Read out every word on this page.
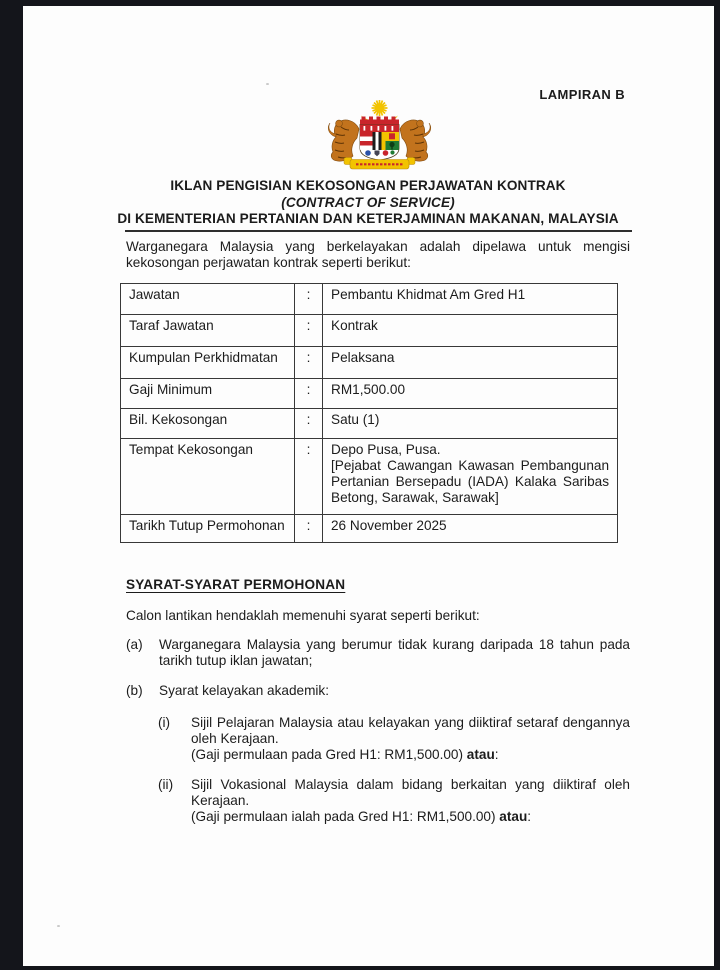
LAMPIRAN B
IKLAN PENGISIAN KEKOSONGAN PERJAWATAN KONTRAK
(CONTRACT OF SERVICE)
DI KEMENTERIAN PERTANIAN DAN KETERJAMINAN MAKANAN, MALAYSIA
Warganegara Malaysia yang berkelayakan adalah dipelawa untuk mengisi
kekosongan perjawatan kontrak seperti berikut:
Jawatan	:	Pembantu Khidmat Am Gred H1
Taraf Jawatan	:	Kontrak
Kumpulan Perkhidmatan	:	Pelaksana
Gaji Minimum	:	RM1,500.00
Bil. Kekosongan	:	Satu (1)
Tempat Kekosongan	:	Depo Pusa, Pusa.
[Pejabat Cawangan Kawasan Pembangunan
Pertanian Bersepadu (IADA) Kalaka Saribas
Betong, Sarawak, Sarawak]

Tarikh Tutup Permohonan	:	26 November 2025
SYARAT-SYARAT PERMOHONAN
Calon lantikan hendaklah memenuhi syarat seperti berikut:
(a) Warganegara Malaysia yang berumur tidak kurang daripada 18 tahun pada
tarikh tutup iklan jawatan;
(b) Syarat kelayakan akademik:
(i) Sijil Pelajaran Malaysia atau kelayakan yang diiktiraf setaraf dengannya
oleh Kerajaan.
(Gaji permulaan pada Gred H1: RM1,500.00) atau:
(ii) Sijil Vokasional Malaysia dalam bidang berkaitan yang diiktiraf oleh
Kerajaan.
(Gaji permulaan ialah pada Gred H1: RM1,500.00) atau:
